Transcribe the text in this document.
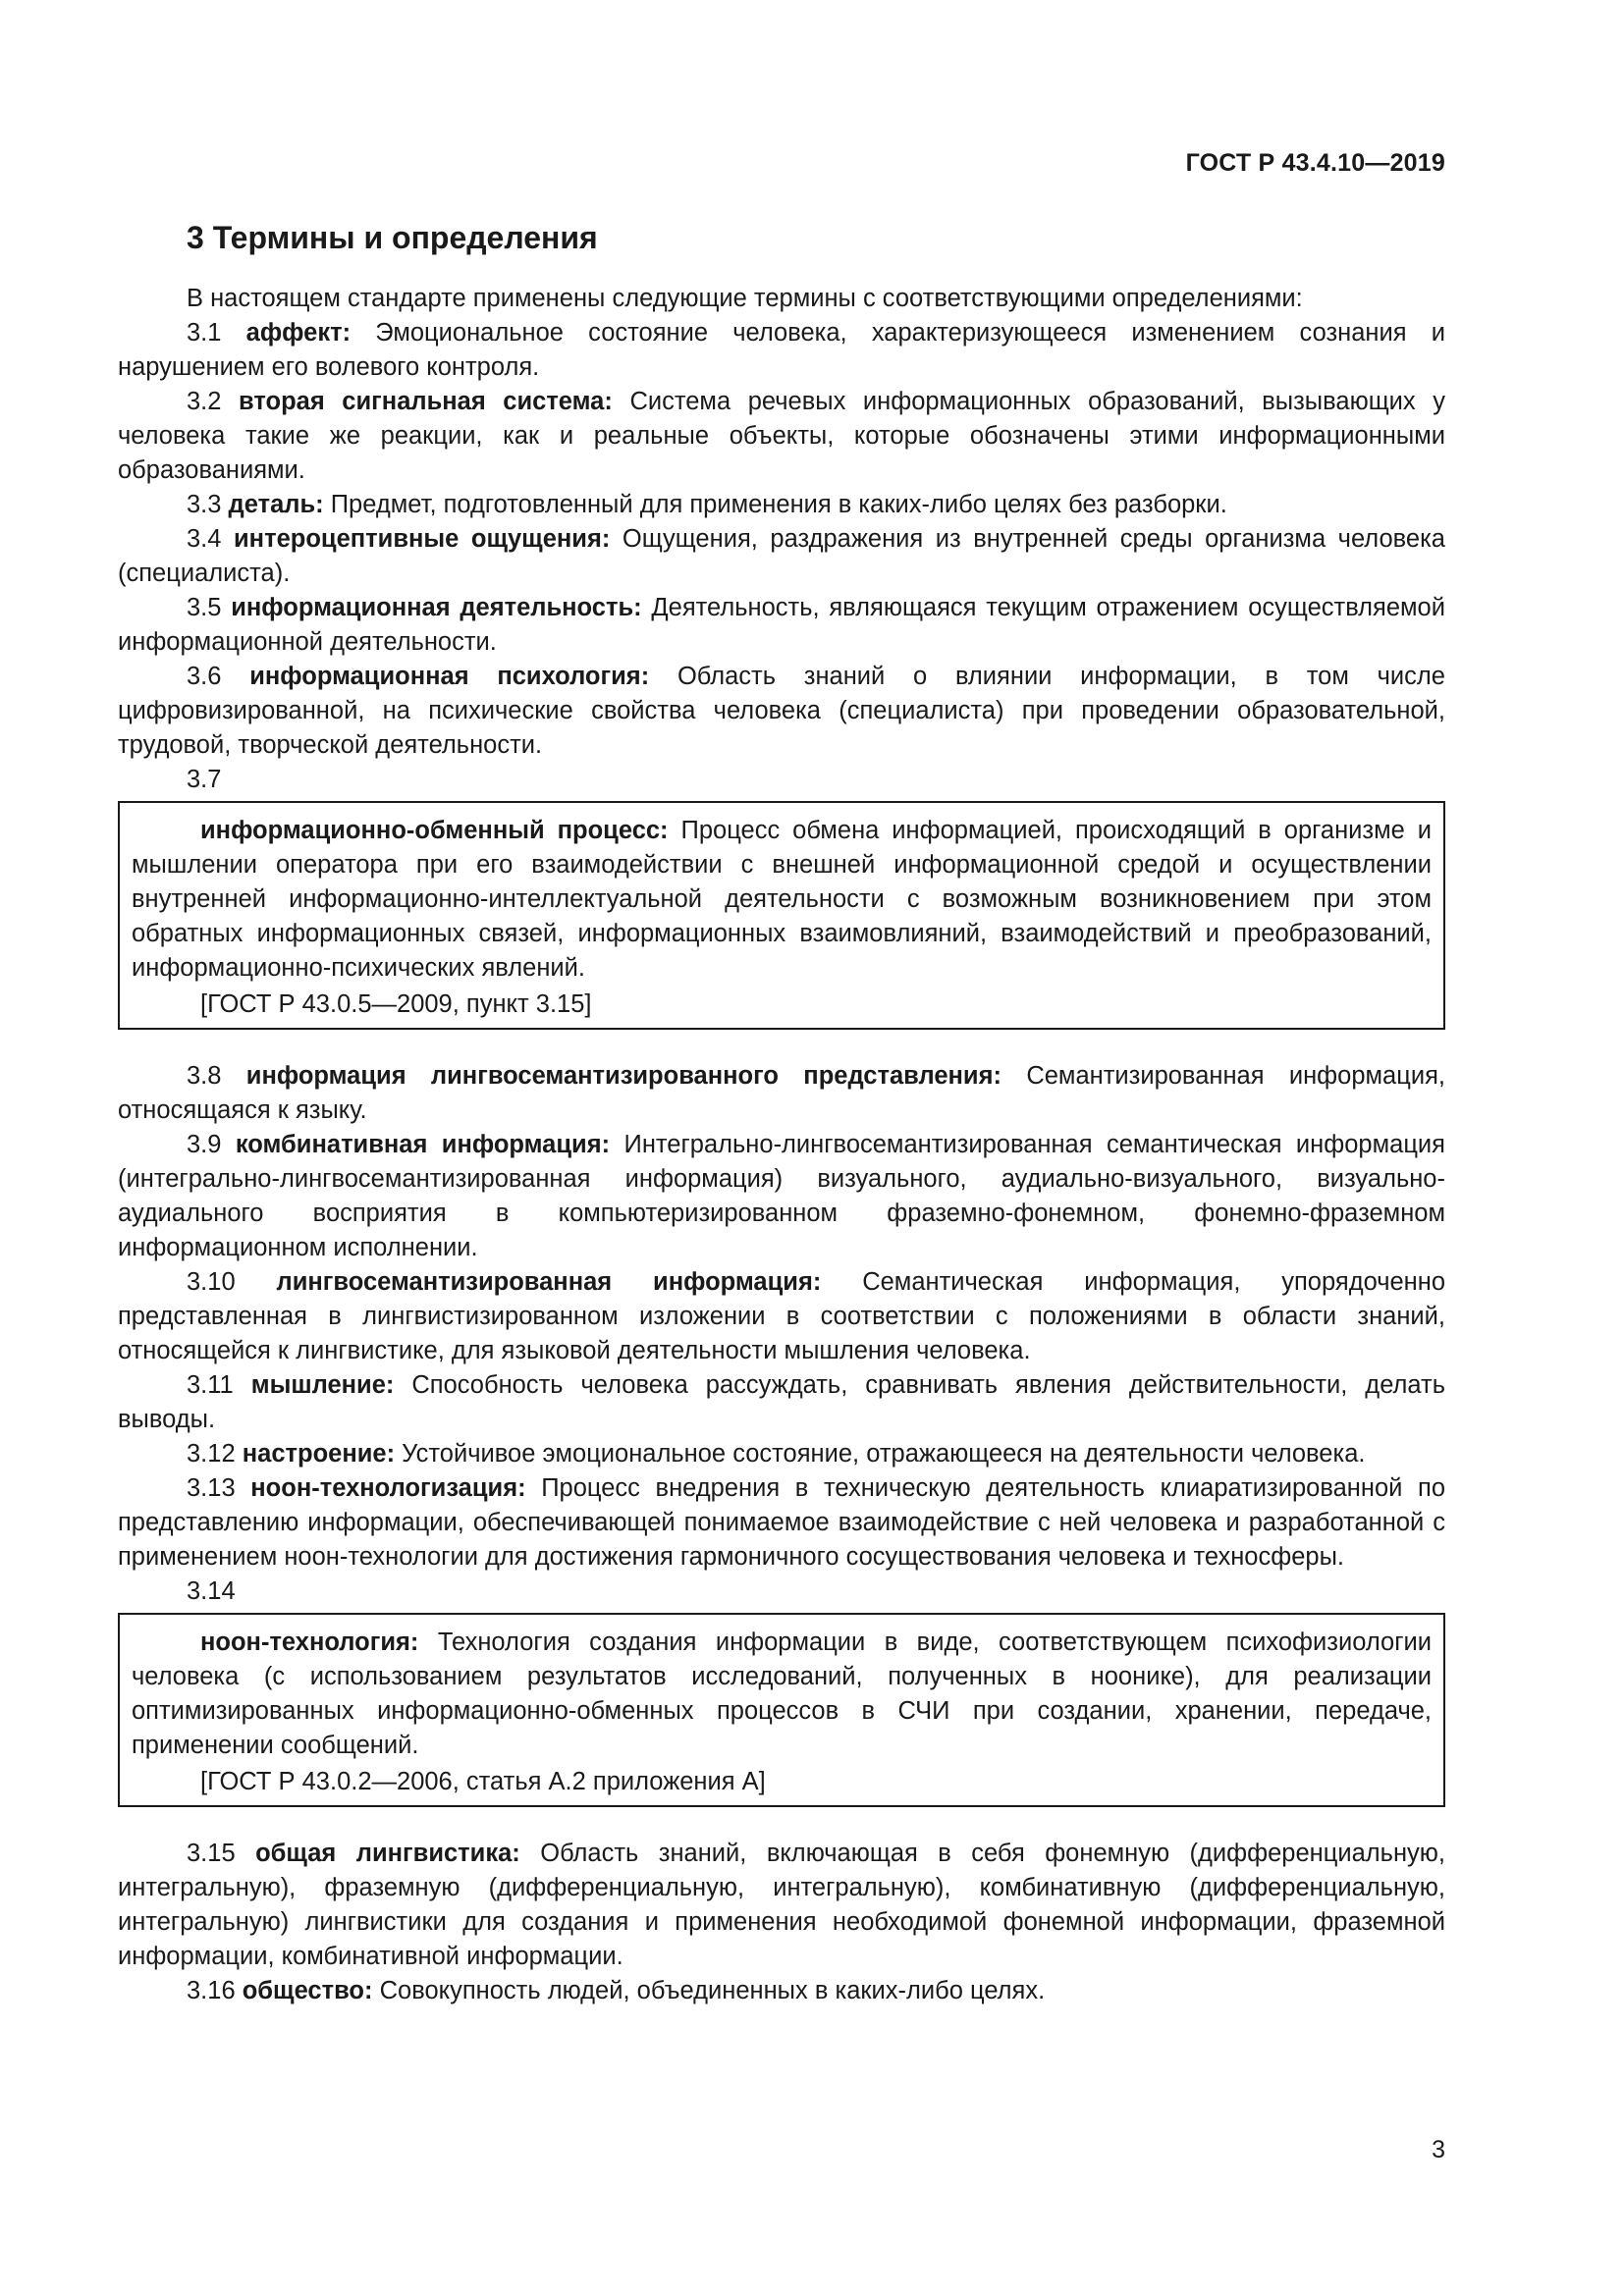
ГОСТ Р 43.4.10—2019
3 Термины и определения

В настоящем стандарте применены следующие термины с соответствующими определениями:

3.1 аффект: Эмоциональное состояние человека, характеризующееся изменением сознания и нарушением его волевого контроля.

3.2 вторая сигнальная система: Система речевых информационных образований, вызывающих у человека такие же реакции, как и реальные объекты, которые обозначены этими информационными образованиями.

3.3 деталь: Предмет, подготовленный для применения в каких-либо целях без разборки.

3.4 интероцептивные ощущения: Ощущения, раздражения из внутренней среды организма человека (специалиста).

3.5 информационная деятельность: Деятельность, являющаяся текущим отражением осуществляемой информационной деятельности.

3.6 информационная психология: Область знаний о влиянии информации, в том числе цифровизированной, на психические свойства человека (специалиста) при проведении образовательной, трудовой, творческой деятельности.

3.7

информационно-обменный процесс: Процесс обмена информацией, происходящий в организме и мышлении оператора при его взаимодействии с внешней информационной средой и осуществлении внутренней информационно-интеллектуальной деятельности с возможным возникновением при этом обратных информационных связей, информационных взаимовлияний, взаимодействий и преобразований, информационно-психических явлений.

[ГОСТ Р 43.0.5—2009, пункт 3.15]

3.8 информация лингвосемантизированного представления: Семантизированная информация, относящаяся к языку.

3.9 комбинативная информация: Интегрально-лингвосемантизированная семантическая информация (интегрально-лингвосемантизированная информация) визуального, аудиально-визуального, визуально-аудиального восприятия в компьютеризированном фраземно-фонемном, фонемно-фраземном информационном исполнении.

3.10 лингвосемантизированная информация: Семантическая информация, упорядоченно представленная в лингвистизированном изложении в соответствии с положениями в области знаний, относящейся к лингвистике, для языковой деятельности мышления человека.

3.11 мышление: Способность человека рассуждать, сравнивать явления действительности, делать выводы.

3.12 настроение: Устойчивое эмоциональное состояние, отражающееся на деятельности человека.

3.13 ноон-технологизация: Процесс внедрения в техническую деятельность клиаратизированной по представлению информации, обеспечивающей понимаемое взаимодействие с ней человека и разработанной с применением ноон-технологии для достижения гармоничного сосуществования человека и техносферы.

3.14

ноон-технология: Технология создания информации в виде, соответствующем психофизиологии человека (с использованием результатов исследований, полученных в ноонике), для реализации оптимизированных информационно-обменных процессов в СЧИ при создании, хранении, передаче, применении сообщений.

[ГОСТ Р 43.0.2—2006, статья А.2 приложения А]

3.15 общая лингвистика: Область знаний, включающая в себя фонемную (дифференциальную, интегральную), фраземную (дифференциальную, интегральную), комбинативную (дифференциальную, интегральную) лингвистики для создания и применения необходимой фонемной информации, фраземной информации, комбинативной информации.

3.16 общество: Совокупность людей, объединенных в каких-либо целях.

3
